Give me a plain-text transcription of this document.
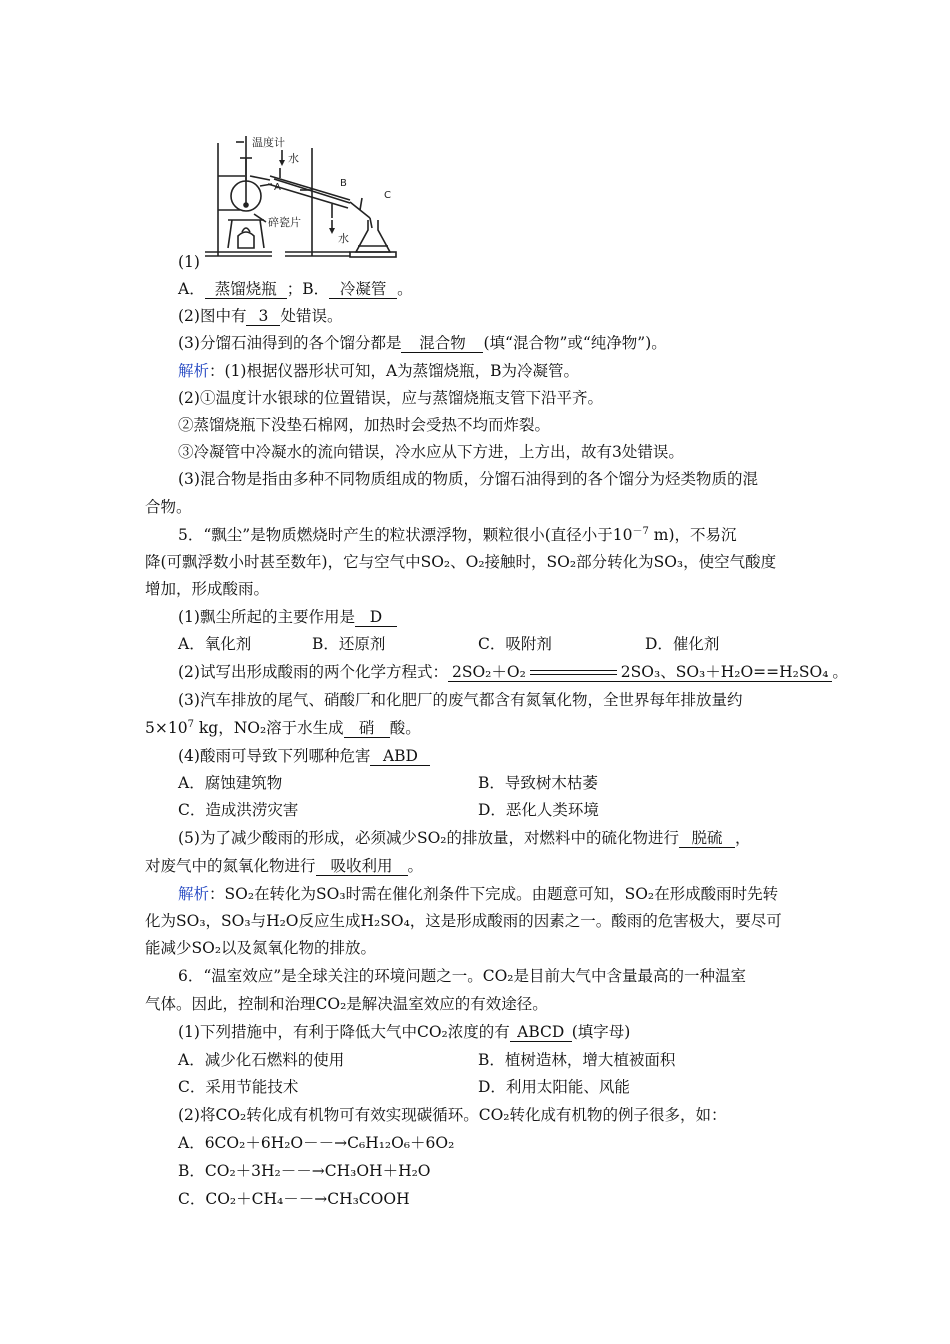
温度计
水
A	B
C
碎瓷片
水
(1)
A． 蒸馏烧瓶 ；B． 冷凝管 。
(2)图中有 3 处错误。
(3)分馏石油得到的各个馏分都是 混合物 (填“混合物”或“纯净物”)。
解析：(1)根据仪器形状可知，A为蒸馏烧瓶，B为冷凝管。
(2)①温度计水银球的位置错误，应与蒸馏烧瓶支管下沿平齐。
②蒸馏烧瓶下没垫石棉网，加热时会受热不均而炸裂。
③冷凝管中冷凝水的流向错误，冷水应从下方进，上方出，故有3处错误。
(3)混合物是指由多种不同物质组成的物质，分馏石油得到的各个馏分为烃类物质的混
合物。
5．“飘尘”是物质燃烧时产生的粒状漂浮物，颗粒很小(直径小于$10^{-7}$ m)，不易沉
降(可飘浮数小时甚至数年)，它与空气中SO₂、O₂接触时，SO₂部分转化为SO₃，使空气酸度
增加，形成酸雨。
(1)飘尘所起的主要作用是 D
A．氧化剂	B．还原剂	C．吸附剂	D．催化剂
(2)试写出形成酸雨的两个化学方程式： 2SO₂＋O₂	2SO₃、SO₃＋H₂O==H₂SO₄ 。
(3)汽车排放的尾气、硝酸厂和化肥厂的废气都含有氮氧化物，全世界每年排放量约
$5\times 10^7$ kg，NO₂溶于水生成 硝 酸。
(4)酸雨可导致下列哪种危害 ABD
A．腐蚀建筑物	B．导致树木枯萎
C．造成洪涝灾害	D．恶化人类环境
(5)为了减少酸雨的形成，必须减少SO₂的排放量，对燃料中的硫化物进行 脱硫 ，
对废气中的氮氧化物进行 吸收利用 。
解析：SO₂在转化为SO₃时需在催化剂条件下完成。由题意可知，SO₂在形成酸雨时先转
化为SO₃，SO₃与H₂O反应生成H₂SO₄，这是形成酸雨的因素之一。酸雨的危害极大，要尽可
能减少SO₂以及氮氧化物的排放。
6．“温室效应”是全球关注的环境问题之一。CO₂是目前大气中含量最高的一种温室
气体。因此，控制和治理CO₂是解决温室效应的有效途径。
(1)下列措施中，有利于降低大气中CO₂浓度的有 ABCD (填字母)
A．减少化石燃料的使用	B．植树造林，增大植被面积
C．采用节能技术	D．利用太阳能、风能
(2)将CO₂转化成有机物可有效实现碳循环。CO₂转化成有机物的例子很多，如：
A．6CO₂＋6H₂O－－→C₆H₁₂O₆＋6O₂
B．CO₂＋3H₂－－→CH₃OH＋H₂O
C．CO₂＋CH₄－－→CH₃COOH
